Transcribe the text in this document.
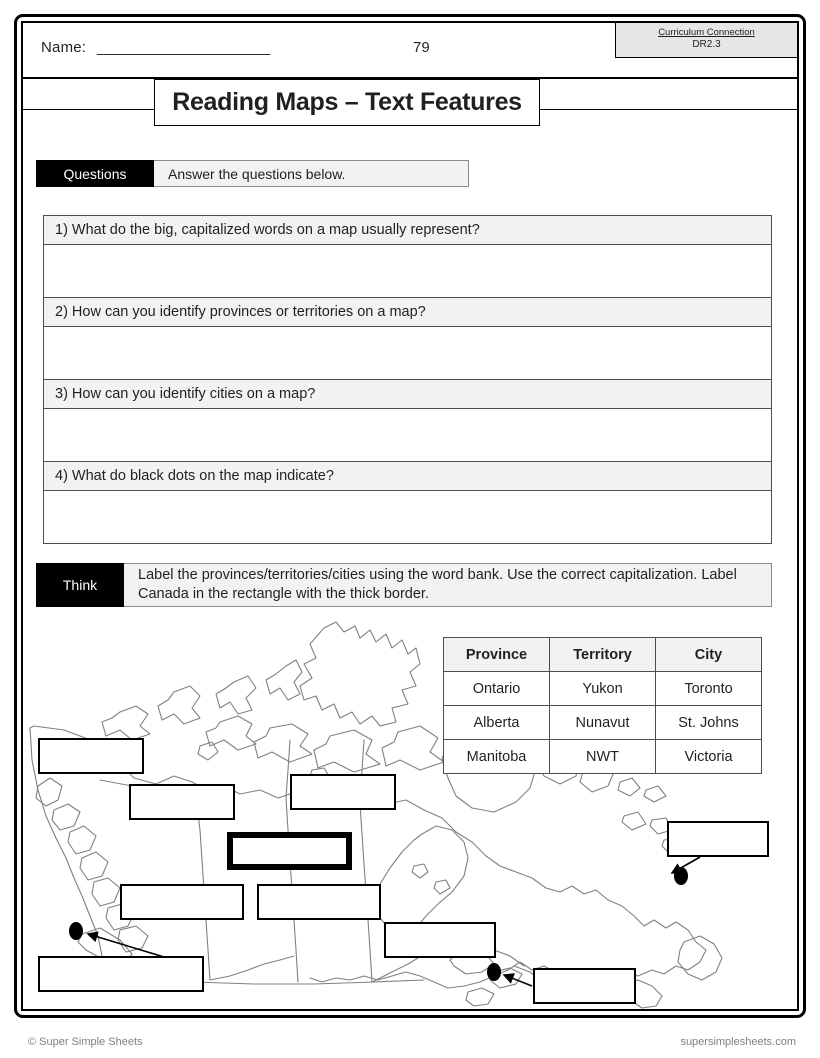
Name: ______________________	79
Curriculum Connection
DR2.3
Reading Maps – Text Features
Questions	Answer the questions below.
1) What do the big, capitalized words on a map usually represent?
2) How can you identify provinces or territories on a map?
3) How can you identify cities on a map?
4) What do black dots on the map indicate?
Think
Label the provinces/territories/cities using the word bank. Use the correct capitalization. Label Canada in the rectangle with the thick border.
Province	Territory	City
Ontario	Yukon	Toronto
Alberta	Nunavut	St. Johns
Manitoba	NWT	Victoria
© Super Simple Sheets	supersimplesheets.com
